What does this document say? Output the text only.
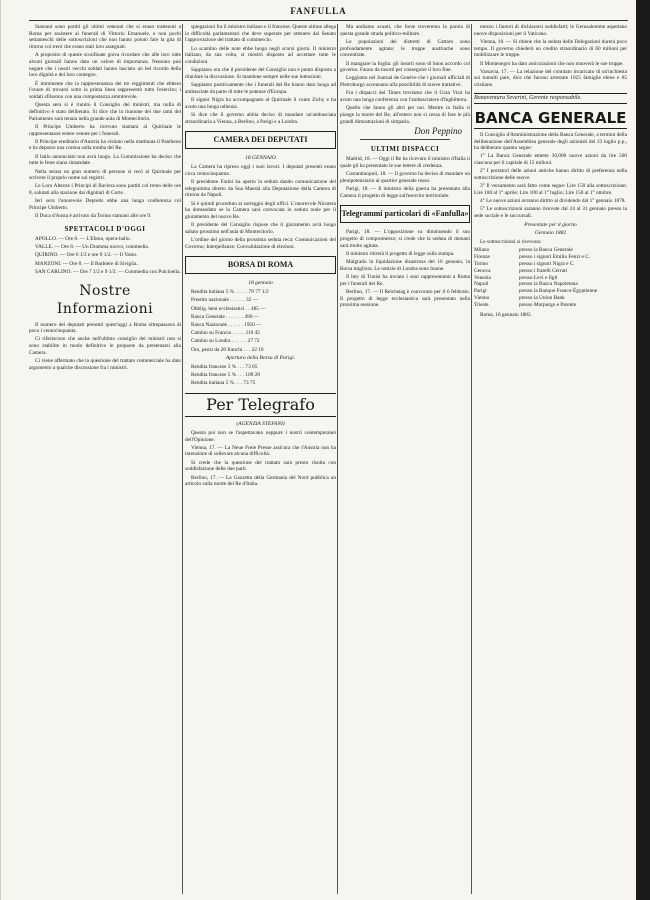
FANFULLA
Stamani sono partiti gli ultimi veterani che si erano trattenuti a Roma per assistere ai funerali di Vittorio Emanuele, e non pochi settanteschi delle sottoscrizioni che non hanno potuto fare la gita di ritorno coi treni che erano stati loro assegnati.
A proposito di queste sconfinate giova ricordare che alle loro ratte alcuni giornali hanno dato un valore di importanza. Nessuno può negare che i nostri vecchi soldati hanno lasciato un bel ricordo della loro dignità e del loro contegno.
È imminente che la rappresentanza dei tre reggimenti che ebbero l'onore di trovarsi sotto la prima linea rappresentò tutto l'esercito; i soldati sfilarono con una compostezza ammirevole.
Questa sera si è riunito il Consiglio dei ministri, ma nulla di definitivo è stato deliberato. Si dice che la riunione dei due rami del Parlamento sarà tenuta nella grande aula di Montecitorio.
Il Principe Umberto ha ricevuto stamani al Quirinale le rappresentanze estere venute per i funerali.
Il Principe ereditario d'Austria ha visitato nella mattinata il Pantheon e ha deposto una corona sulla tomba del Re.
Il ballo annunciato non avrà luogo. La Commissione ha deciso che tutte le feste siano rimandate.
Nella serata un gran numero di persone si recò al Quirinale per scrivere il proprio nome sui registri.
Le Loro Altezze i Principi di Baviera sono partiti col treno delle ore 8, salutati alla stazione dai dignitari di Corte.
Ieri sera l'onorevole Depretis ebbe una lunga conferenza col Principe Umberto.
Il Duca d'Aosta è arrivato da Torino stamani alle ore 9.
SPETTACOLI D'OGGI
APOLLO. — Ore 8. — L'Ebrea, opera-ballo.
VALLE. — Ore 8. — Un Dramma nuovo, commedia.
QUIRINO. — Ore 6 1/2 e ore 9 1/2. — Il Vasto.
MANZONI. — Ore 8. — Il Barbiere di Siviglia.
SAN CARLINO. — Ore 7 1/2 e 9 1/2. — Commedia con Pulcinella.
Nostre Informazioni
Il numero dei deputati presenti quest'oggi a Roma oltrepassava di poco i centocinquanta.
Ci riferiscono che anche nell'ultimo consiglio dei ministri non si sono stabilite in modo definitivo le proposte da presentarsi alla Camera.
Ci viene affermato che la questione del trattato commerciale ha dato argomento a qualche discussione fra i ministri.
spiegazioni fra il ministro italiano e il francese. Queste ultime allega la difficoltà parlamentari che deve superare per ottenere dal Senato l'approvazione del trattato di commercio.
Lo scambio delle note ebbe luogo negli scorsi giorni. Il ministro italiano, da sua volta, si mostrò disposto ad accettare tutte le condizioni.
Sappiamo ora che il presidente del Consiglio non è punto disposto a ritardare la discussione. Si mantiene sempre nelle sue intenzioni.
Sappiamo positivamente che i funerali del Re hanno dato luogo ad ambasciate da parte di tutte le potenze d'Europa.
Il signor Nigra ha accompagnato al Quirinale il conte Zichy e ha avuto una lunga udienza.
Si dice che il governo abbia deciso di mandare un'ambasciata straordinaria a Vienna, a Berlino, a Parigi e a Londra.
CAMERA DEI DEPUTATI
18 GENNAIO
La Camera ha ripreso oggi i suoi lavori. I deputati presenti erano circa centocinquanta.
Il presidente Farini ha aperto la seduta dando comunicazione del telegramma diretto da Sua Maestà alla Deputazione della Camera di ritorno da Napoli.
Si è quindi proceduto al sorteggio degli uffici. L'onorevole Nicotera ha domandato se la Camera sarà convocata in seduta reale per il giuramento del nuovo Re.
Il presidente del Consiglio rispose che il giuramento avrà luogo sabato prossimo nell'aula di Montecitorio.
L'ordine del giorno della prossima seduta reca: Comunicazioni del Governo; Interpellanze; Convalidazione di elezioni.
BORSA DI ROMA
18 gennaio
Rendita italiana 5 % . . . . . 79 77 1/2
Prestito nazionale . . . . . . 32 —
Obblig. beni ecclesiastici . . 485 —
Banca Generale . . . . . . . 490 —
Banca Nazionale . . . . . . 1950 —
Cambio su Francia . . . . . 110 45
Cambio su Londra . . . . . . 27 72
Oro, pezzi da 20 franchi . . . 22 10
Apertura della Borsa di Parigi.
Rendita francese 3 % . . . 73 05
Rendita francese 5 % . . . 109 20
Rendita italiana 5 % . . . 73 75
Per Telegrafo
(AGENZIA STEFANI)
Questa poi non se l'aspettavano neppure i nostri contemporanei dell'Opinione.
Vienna, 17. — La Neue Freie Presse assicura che l'Austria non ha intenzione di sollevare alcuna difficoltà.
Si crede che la questione del trattato sarà presto risolta con soddisfazione delle due parti.
Berlino, 17. — La Gazzetta della Germania del Nord pubblica un articolo sulla morte del Re d'Italia.
Ma andiamo avanti, che forse troveremo la parola di questa grande strada politico-militare.
Le popolazioni dei distretti di Cattaro sono profondamente agitate; le truppe austriache sono concentrate.
Il mangiare la foglia: gli insorti sono di buon accordo col governo. Fanno da insorti per conseguire il loro fine.
Leggiamo nel Journal de Genève che i giornali ufficiali di Pietroburgo accennano alla possibilità di nuove trattative.
Fra i dispacci del Times troviamo che il Gran Visir ha avuto una lunga conferenza con l'ambasciatore d'Inghilterra.
Quello che fanno gli altri per noi. Mentre in Italia si piange la morte del Re, all'estero non si cessa di fare le più grandi dimostrazioni di simpatia.
Don Peppino
ULTIMI DISPACCI
Madrid, 18. — Oggi il Re ha ricevuto il ministro d'Italia il quale gli ha presentato le sue lettere di credenza.
Costantinopoli, 18. — Il governo ha deciso di mandare un plenipotenziario al quartier generale russo.
Parigi, 18. — Il ministro della guerra ha presentato alla Camera il progetto di legge sull'esercito territoriale.
Telegrammi particolari di «Fanfulla»
Parigi, 18. — L'opposizione va diminuendo il suo progetto di compromesso; si crede che la seduta di domani sarà molto agitata.
Il ministro ritirerà il progetto di legge sulla stampa.
Malgrado la liquidazione disastrosa del 16 gennaio, la Borsa migliora. Le notizie di Londra sono buone.
Il bey di Tunisi ha inviato i suoi rappresentanti a Roma per i funerali del Re.
Berlino, 17. — Il Reichstag è convocato per il 6 febbraio. Il progetto di legge ecclesiastica sarà presentato nella prossima sessione.
mezzo i fautori di dichiararsi soddisfatti; le Gerusalemme aspettano nuove disposizioni per il Vaticano.
Vienna, 18. — Si ritiene che la seduta delle Delegazioni durerà poco tempo. Il governo chiederà un credito straordinario di 60 milioni per mobilizzare le truppe.
Il Montenegro ha dato assicurazioni che non muoverà le sue truppe.
Varsavia, 17. — La relazione del comitato incaricato di un'inchiesta sui tumulti pare, dice che furono arrestate 1025 famiglie ebree e 85 cristiane.
Bonaventura Severini, Gerente responsabile.
BANCA GENERALE
Il Consiglio d'Amministrazione della Banca Generale, a termini della deliberazione dell'Assemblea generale degli azionisti del 23 luglio p.p., ha deliberato quanto segue:
1° La Banca Generale emette 30,000 nuove azioni da lire 500 ciascuna per il capitale di 15 milioni.
2° I portatori delle azioni antiche hanno diritto di preferenza nella sottoscrizione delle nuove.
3° Il versamento sarà fatto come segue: Lire 150 alla sottoscrizione; Lire 100 al 1° aprile; Lire 100 al 1° luglio; Lire 150 al 1° ottobre.
4° Le nuove azioni avranno diritto al dividendo dal 1° gennaio 1878.
5° Le sottoscrizioni saranno ricevute dal 24 al 31 gennaio presso la sede sociale e le succursali.
Presentate per il giorno
Gennaio 1882
Le sottoscrizioni si ricevono:
Milano	presso la Banca Generale
Firenze	presso i signori Emilio Fenzi e C.
Torino	presso i signori Nigra e C.
Genova	presso i fratelli Cerruti
Venezia	presso Levi e figli
Napoli	presso la Banca Napoletana
Parigi	presso la Banque Franco-Égyptienne
Vienna	presso la Union Bank
Trieste	presso Morpurgo e Parente
Roma, 18 gennaio 1882.
